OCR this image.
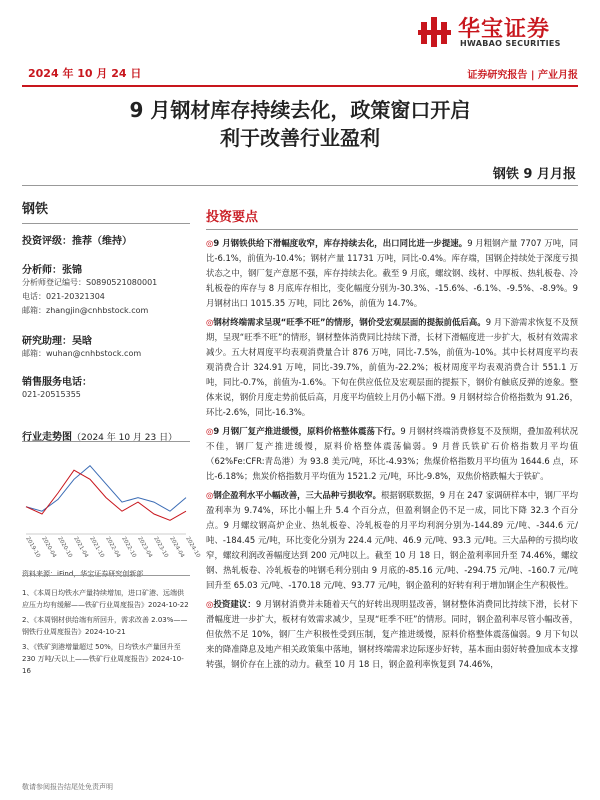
华宝证券
HWABAO SECURITIES
2024 年 10 月 24 日	证券研究报告 | 产业月报
9 月钢材库存持续去化，政策窗口开启
利于改善行业盈利
钢铁 9 月月报
钢铁
投资评级：推荐（维持）
分析师：张锦
分析师登记编号：S0890521080001
电话：021-20321304
邮箱：zhangjin@cnhbstock.com
研究助理：吴晗
邮箱：wuhan@cnhbstock.com
销售服务电话：
021-20515355
行业走势图（2024 年 10 月 23 日）
2019-10 2020-04 2020-10 2021-04 2021-10 2022-04 2022-10 2023-04 2023-10 2024-04 2024-10
资料来源：iFind，华宝证券研究创新部
1、《本周日均铁水产量持续增加，进口矿港、远端供应压力均有缓解——铁矿行业周度报告》2024-10-22
2、《本周钢材供给端有所回升，需求改善 2.03%——钢铁行业周度报告》2024-10-21
3、《铁矿到港增量超过 50%，日均铁水产量回升至 230 万吨/天以上——铁矿行业周度报告》2024-10-16
投资要点
◎9 月钢铁供给下滑幅度收窄，库存持续去化，出口同比进一步提速。9 月粗钢产量 7707 万吨，同比-6.1%，前值为-10.4%；钢材产量 11731 万吨，同比-0.4%。库存端，国钢企持续处于深度亏损状态之中，钢厂复产意愿不强，库存持续去化。截至 9 月底，螺纹钢、线材、中厚板、热轧板卷、冷轧板卷的库存与 8 月底库存相比，变化幅度分别为-30.3%、-15.6%、-6.1%、-9.5%、-8.9%。9 月钢材出口 1015.35 万吨，同比 26%，前值为 14.7%。
◎钢材终端需求呈现“旺季不旺”的情形，钢价受宏观层面的提振前低后高。9 月下游需求恢复不及预期，呈现“旺季不旺”的情形，钢材整体消费同比持续下滑，长材下滑幅度进一步扩大，板材有效需求减少。五大材周度平均表观消费量合计 876 万吨，同比-7.5%，前值为-10%。其中长材周度平均表观消费合计 324.91 万吨，同比-39.7%，前值为-22.2%；板材周度平均表观消费合计 551.1 万吨，同比-0.7%，前值为-1.6%。下旬在供应低位及宏观层面的提振下，钢价有触底反弹的迹象。整体来说，钢价月度走势前低后高，月度平均值较上月仍小幅下滑。9 月钢材综合价格指数为 91.26，环比-2.6%，同比-16.3%。
◎9 月钢厂复产推进缓慢，原料价格整体震荡下行。9 月钢材终端消费修复不及预期，叠加盈利状况不佳，钢厂复产推进缓慢，原料价格整体震荡偏弱。9 月普氏铁矿石价格指数月平均值（62%Fe:CFR:青岛港）为 93.8 美元/吨，环比-4.93%；焦煤价格指数月平均值为 1644.6 点，环比-6.18%；焦炭价格指数月平均值为 1521.2 元/吨，环比-9.8%，双焦价格跌幅大于铁矿。
◎钢企盈利水平小幅改善，三大品种亏损收窄。根据钢联数据，9 月在 247 家调研样本中，钢厂平均盈利率为 9.74%，环比小幅上升 5.4 个百分点，但盈利钢企仍不足一成，同比下降 32.3 个百分点。9 月螺纹钢高炉企业、热轧板卷、冷轧板卷的月平均利润分别为-144.89 元/吨、-344.6 元/吨、-184.45 元/吨，环比变化分别为 224.4 元/吨、46.9 元/吨、93.3 元/吨。三大品种的亏损均收窄，螺纹利润改善幅度达到 200 元/吨以上。截至 10 月 18 日，钢企盈利率回升至 74.46%，螺纹钢、热轧板卷、冷轧板卷的吨钢毛利分别由 9 月底的-85.16 元/吨、-294.75 元/吨、-160.7 元/吨回升至 65.03 元/吨、-170.18 元/吨、93.77 元/吨，钢企盈利的好转有利于增加钢企生产积极性。
◎投资建议：9 月钢材消费并未随着天气的好转出现明显改善，钢材整体消费同比持续下滑，长材下滑幅度进一步扩大，板材有效需求减少，呈现“旺季不旺”的情形。同时，钢企盈利率尽管小幅改善，但依然不足 10%，钢厂生产积极性受到压制，复产推进缓慢，原料价格整体震荡偏弱。9 月下旬以来的降准降息及地产相关政策集中落地，钢材终端需求边际逐步好转，基本面由弱好转叠加成本支撑转强，钢价存在上涨的动力。截至 10 月 18 日，钢企盈利率恢复到 74.46%，
敬请参阅报告结尾处免责声明
